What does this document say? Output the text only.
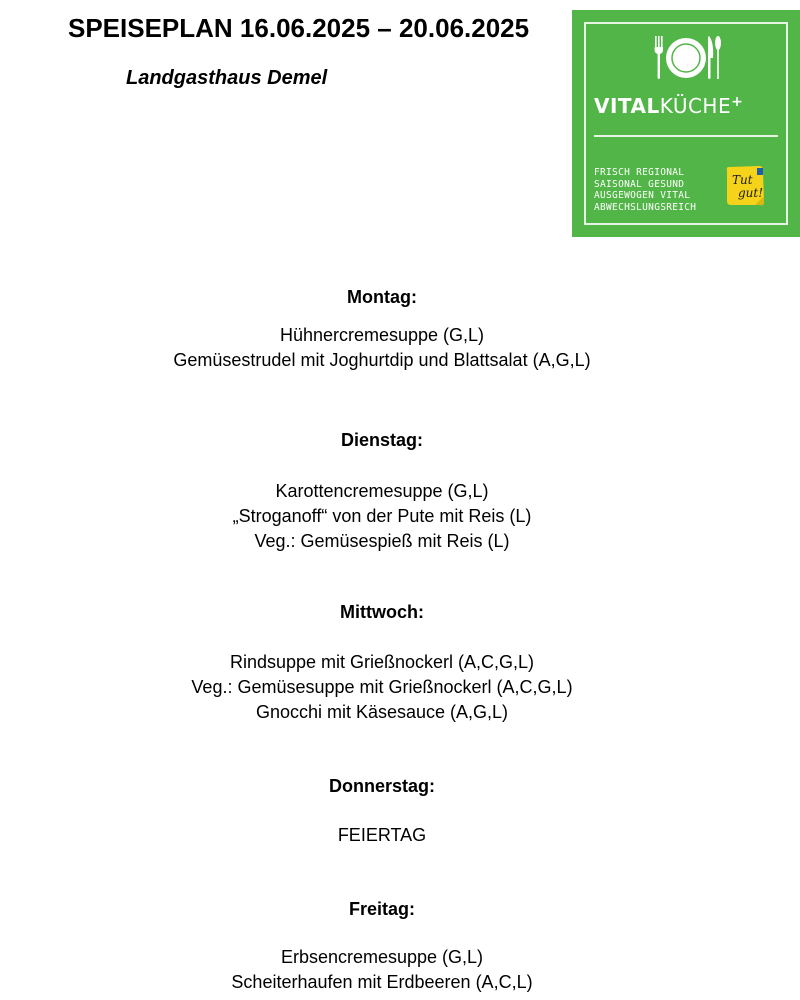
SPEISEPLAN 16.06.2025 – 20.06.2025
Landgasthaus Demel
VITALKÜCHE+
FRISCH REGIONAL
SAISONAL GESUND
AUSGEWOGEN VITAL
ABWECHSLUNGSREICH
Tut
gut!
Montag:
Hühnercremesuppe (G,L)
Gemüsestrudel mit Joghurtdip und Blattsalat (A,G,L)
Dienstag:
Karottencremesuppe (G,L)
„Stroganoff“ von der Pute mit Reis (L)
Veg.: Gemüsespieß mit Reis (L)
Mittwoch:
Rindsuppe mit Grießnockerl (A,C,G,L)
Veg.: Gemüsesuppe mit Grießnockerl (A,C,G,L)
Gnocchi mit Käsesauce (A,G,L)
Donnerstag:
FEIERTAG
Freitag:
Erbsencremesuppe (G,L)
Scheiterhaufen mit Erdbeeren (A,C,L)
